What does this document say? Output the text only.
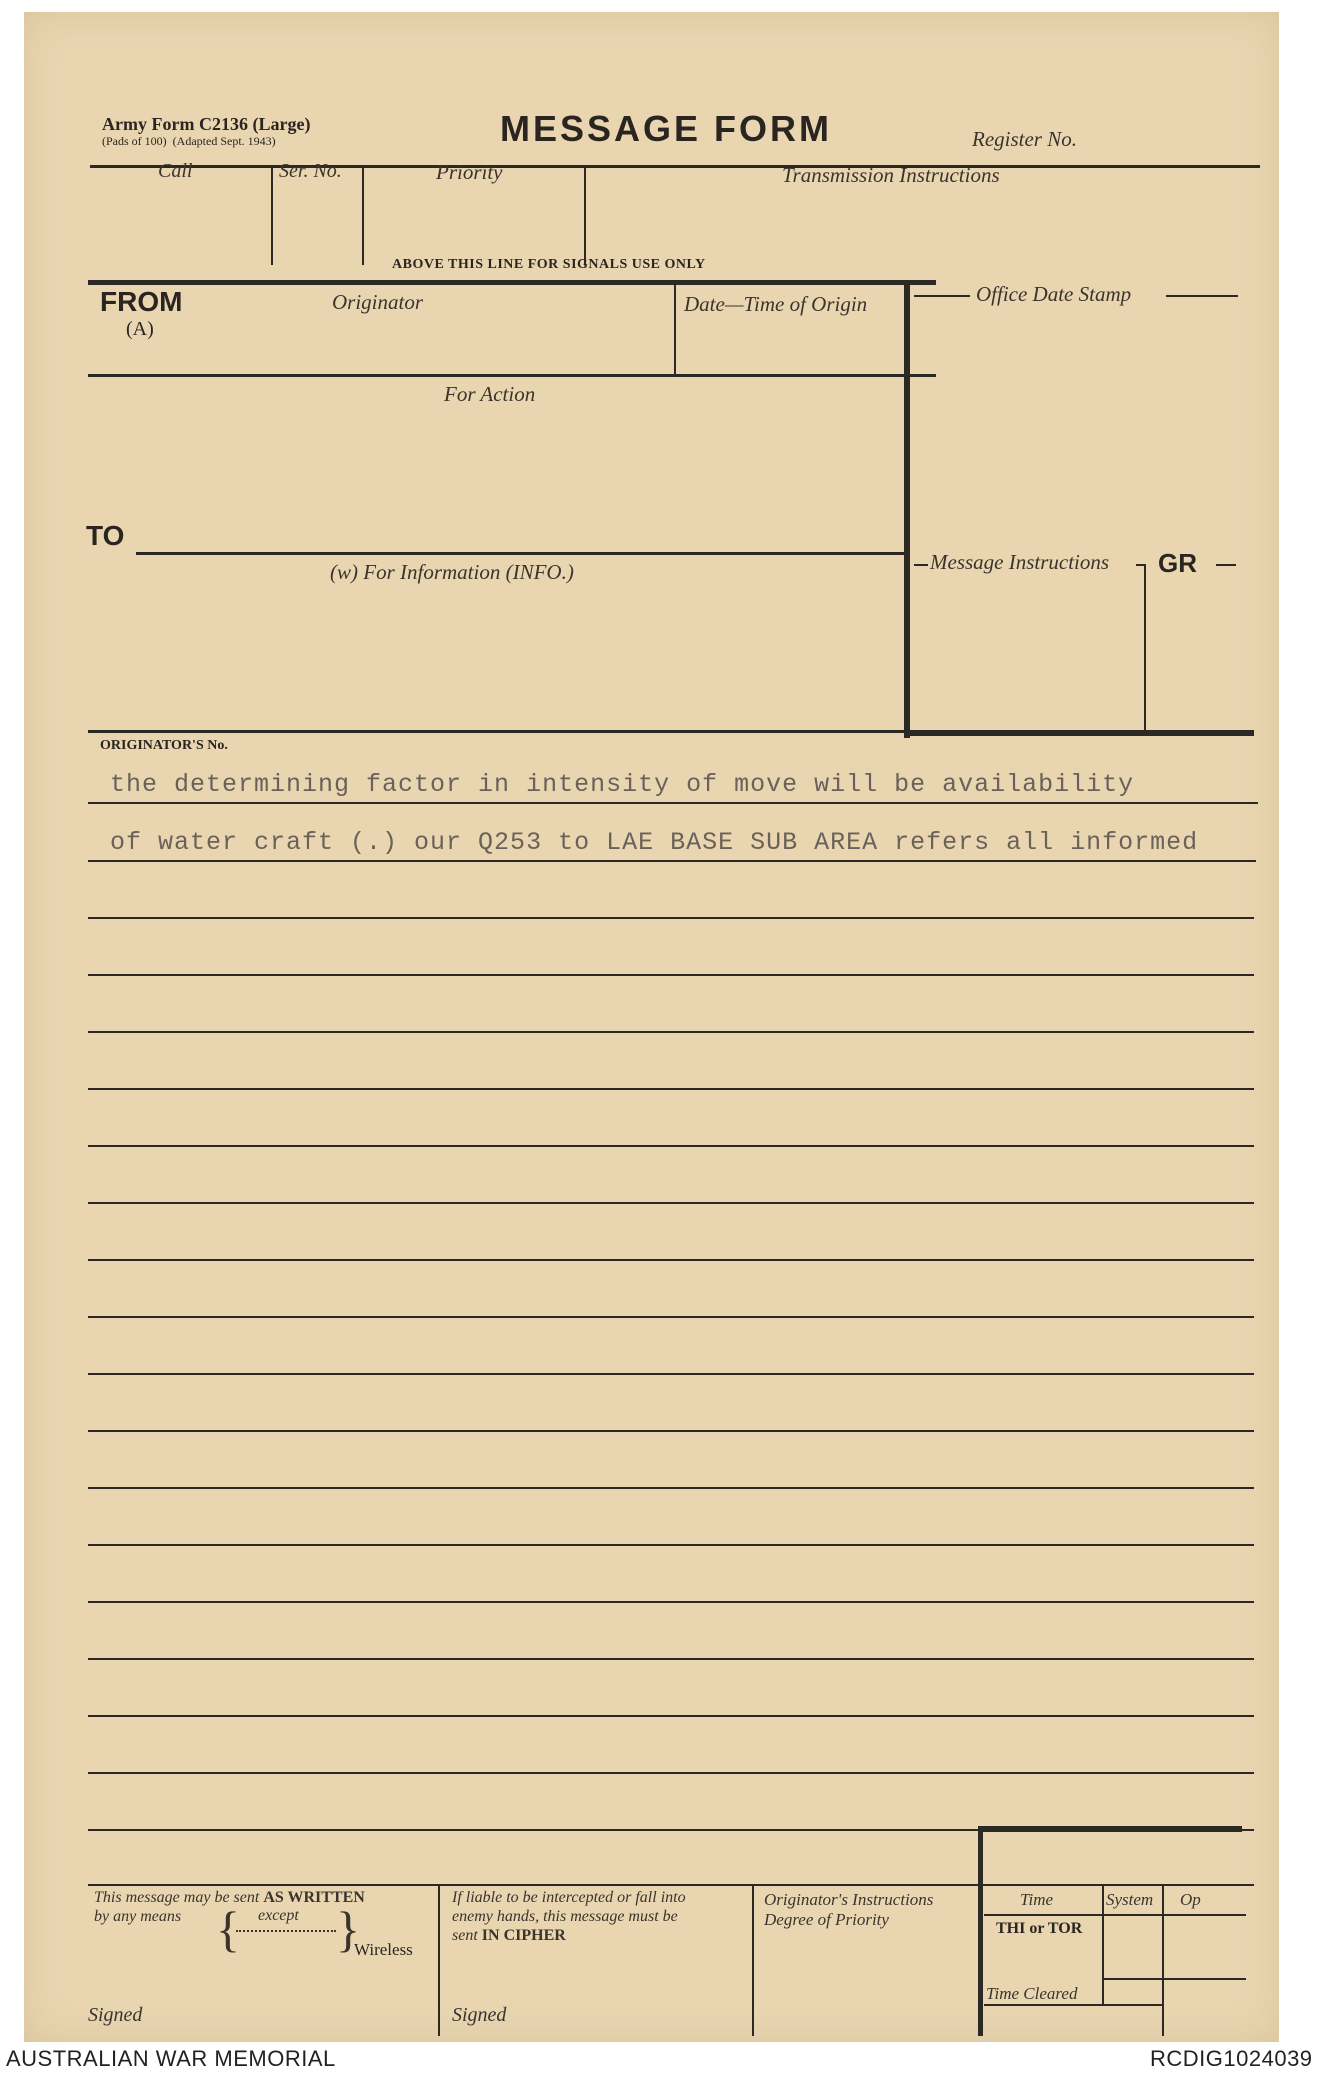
Army Form C2136 (Large)
(Pads of 100) (Adapted Sept. 1943)	MESSAGE FORM	Register No.
Call	Ser. No.	Priority	Transmission Instructions
ABOVE THIS LINE FOR SIGNALS USE ONLY
FROM
(A)
Originator	Date—Time of Origin	Office Date Stamp
For Action
TO
(w) For Information (INFO.)	Message Instructions GR
ORIGINATOR'S No.
the determining factor in intensity of move will be availability
of water craft (.) our Q253 to LAE BASE SUB AREA refers all informed
This message may be sent AS WRITTEN
by any means	except
{ }
Wireless
Signed
If liable to be intercepted or fall into
enemy hands, this message must be
sent IN CIPHER
Signed
Originator's Instructions
Degree of Priority
Time	System Op
THI or TOR
Time Cleared
AUSTRALIAN WAR MEMORIAL	RCDIG1024039
